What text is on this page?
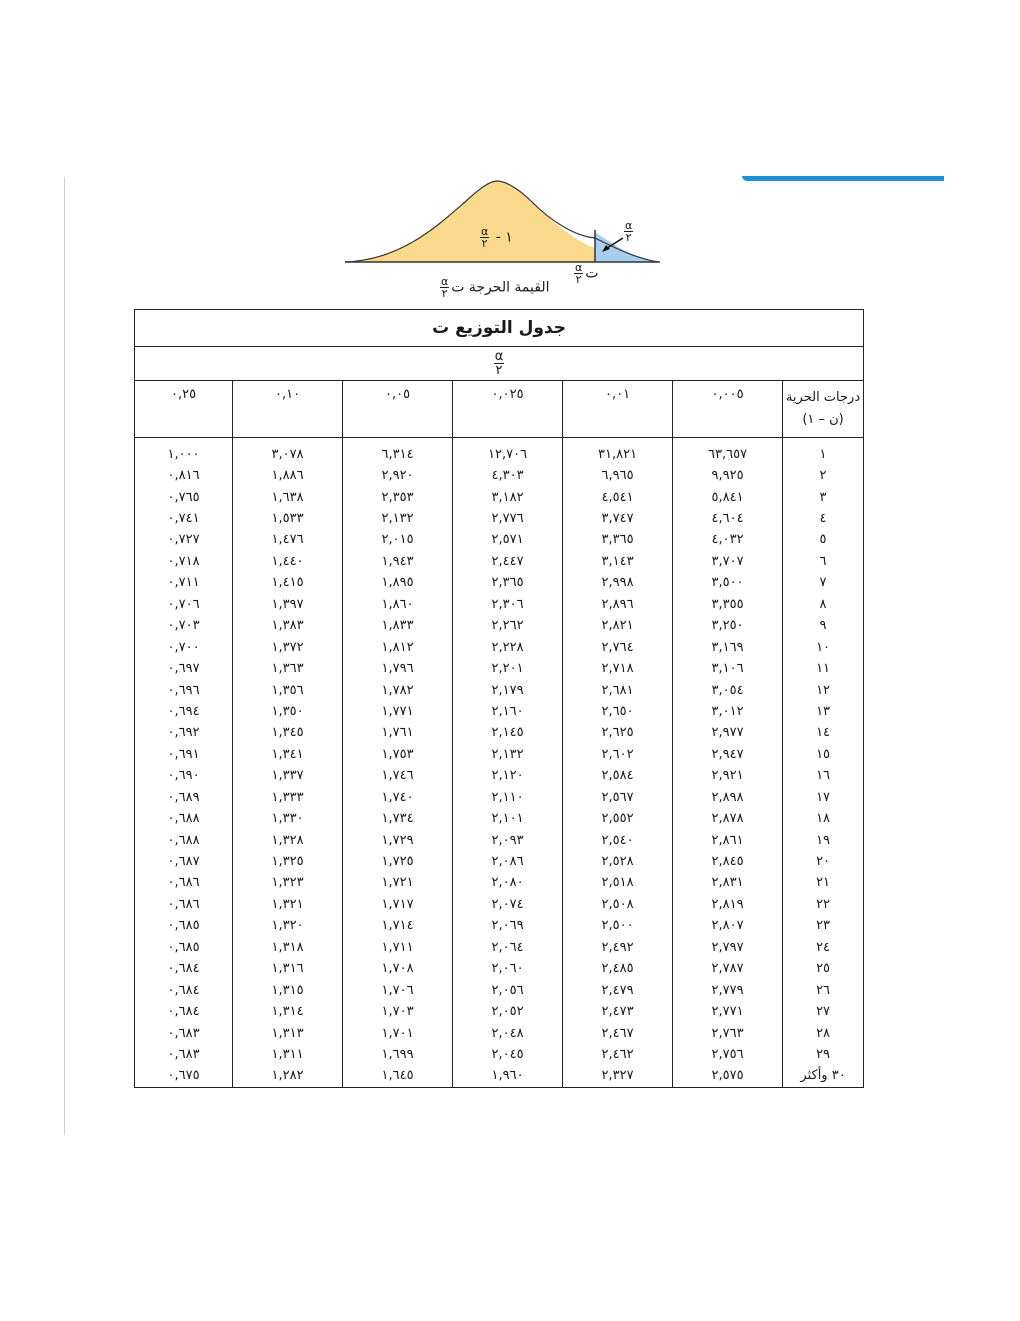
١ -
$\frac{\alpha}{٢}$	$\frac{\alpha}{٢}$
ت
$\frac{\alpha}{٢}$
القيمة الحرجة ت
$\frac{\alpha}{٢}$
جدول التوزيع ت						

$\frac{\alpha}{٢}$

درجات الحرية
(ن – ١)	٠,٠٠٥	٠,٠١	٠,٠٢٥	٠,٠٥	٠,١٠	٠,٢٥

١	٦٣,٦٥٧	٣١,٨٢١	١٢,٧٠٦	٦,٣١٤	٣,٠٧٨	١,٠٠٠
٢	٩,٩٢٥	٦,٩٦٥	٤,٣٠٣	٢,٩٢٠	١,٨٨٦	٠,٨١٦
٣	٥,٨٤١	٤,٥٤١	٣,١٨٢	٢,٣٥٣	١,٦٣٨	٠,٧٦٥
٤	٤,٦٠٤	٣,٧٤٧	٢,٧٧٦	٢,١٣٢	١,٥٣٣	٠,٧٤١
٥	٤,٠٣٢	٣,٣٦٥	٢,٥٧١	٢,٠١٥	١,٤٧٦	٠,٧٢٧
٦	٣,٧٠٧	٣,١٤٣	٢,٤٤٧	١,٩٤٣	١,٤٤٠	٠,٧١٨
٧	٣,٥٠٠	٢,٩٩٨	٢,٣٦٥	١,٨٩٥	١,٤١٥	٠,٧١١
٨	٣,٣٥٥	٢,٨٩٦	٢,٣٠٦	١,٨٦٠	١,٣٩٧	٠,٧٠٦
٩	٣,٢٥٠	٢,٨٢١	٢,٢٦٢	١,٨٣٣	١,٣٨٣	٠,٧٠٣
١٠	٣,١٦٩	٢,٧٦٤	٢,٢٢٨	١,٨١٢	١,٣٧٢	٠,٧٠٠
١١	٣,١٠٦	٢,٧١٨	٢,٢٠١	١,٧٩٦	١,٣٦٣	٠,٦٩٧
١٢	٣,٠٥٤	٢,٦٨١	٢,١٧٩	١,٧٨٢	١,٣٥٦	٠,٦٩٦
١٣	٣,٠١٢	٢,٦٥٠	٢,١٦٠	١,٧٧١	١,٣٥٠	٠,٦٩٤
١٤	٢,٩٧٧	٢,٦٢٥	٢,١٤٥	١,٧٦١	١,٣٤٥	٠,٦٩٢
١٥	٢,٩٤٧	٢,٦٠٢	٢,١٣٢	١,٧٥٣	١,٣٤١	٠,٦٩١
١٦	٢,٩٢١	٢,٥٨٤	٢,١٢٠	١,٧٤٦	١,٣٣٧	٠,٦٩٠
١٧	٢,٨٩٨	٢,٥٦٧	٢,١١٠	١,٧٤٠	١,٣٣٣	٠,٦٨٩
١٨	٢,٨٧٨	٢,٥٥٢	٢,١٠١	١,٧٣٤	١,٣٣٠	٠,٦٨٨
١٩	٢,٨٦١	٢,٥٤٠	٢,٠٩٣	١,٧٢٩	١,٣٢٨	٠,٦٨٨
٢٠	٢,٨٤٥	٢,٥٢٨	٢,٠٨٦	١,٧٢٥	١,٣٢٥	٠,٦٨٧
٢١	٢,٨٣١	٢,٥١٨	٢,٠٨٠	١,٧٢١	١,٣٢٣	٠,٦٨٦
٢٢	٢,٨١٩	٢,٥٠٨	٢,٠٧٤	١,٧١٧	١,٣٢١	٠,٦٨٦
٢٣	٢,٨٠٧	٢,٥٠٠	٢,٠٦٩	١,٧١٤	١,٣٢٠	٠,٦٨٥
٢٤	٢,٧٩٧	٢,٤٩٢	٢,٠٦٤	١,٧١١	١,٣١٨	٠,٦٨٥
٢٥	٢,٧٨٧	٢,٤٨٥	٢,٠٦٠	١,٧٠٨	١,٣١٦	٠,٦٨٤
٢٦	٢,٧٧٩	٢,٤٧٩	٢,٠٥٦	١,٧٠٦	١,٣١٥	٠,٦٨٤
٢٧	٢,٧٧١	٢,٤٧٣	٢,٠٥٢	١,٧٠٣	١,٣١٤	٠,٦٨٤
٢٨	٢,٧٦٣	٢,٤٦٧	٢,٠٤٨	١,٧٠١	١,٣١٣	٠,٦٨٣
٢٩	٢,٧٥٦	٢,٤٦٢	٢,٠٤٥	١,٦٩٩	١,٣١١	٠,٦٨٣
٣٠ وأكثر	٢,٥٧٥	٢,٣٢٧	١,٩٦٠	١,٦٤٥	١,٢٨٢	٠,٦٧٥
